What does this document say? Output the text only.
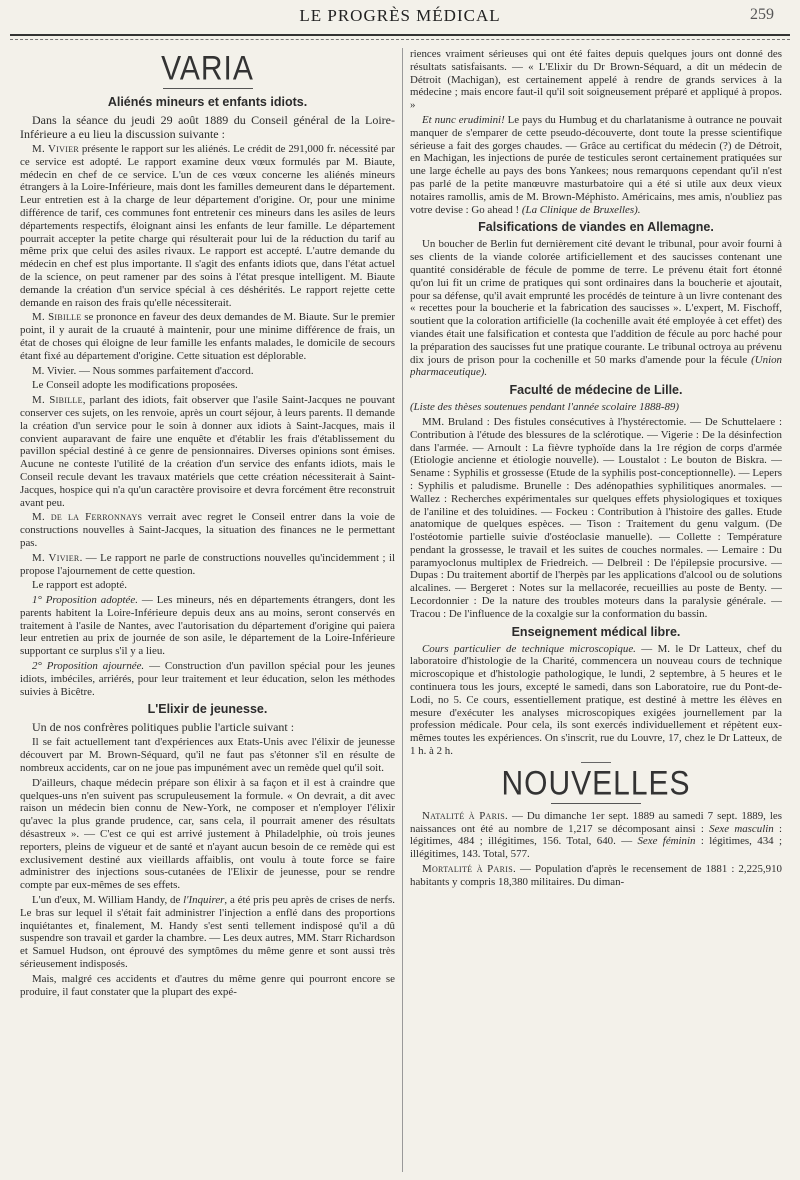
LE PROGRÈS MÉDICAL	259
VARIA
Aliénés mineurs et enfants idiots.

Dans la séance du jeudi 29 août 1889 du Conseil général de la Loire-Inférieure a eu lieu la discussion suivante :

M. Vivier présente le rapport sur les aliénés. Le crédit de 291,000 fr. nécessité par ce service est adopté. Le rapport examine deux vœux formulés par M. Biaute, médecin en chef de ce service. L'un de ces vœux concerne les aliénés mineurs étrangers à la Loire-Inférieure, mais dont les familles demeurent dans le département. Leur entretien est à la charge de leur département d'origine. Or, pour une minime différence de tarif, ces communes font entretenir ces mineurs dans les asiles de leurs départements respectifs, éloignant ainsi les enfants de leur famille. Le département pourrait accepter la petite charge qui résulterait pour lui de la réduction du tarif au même prix que celui des asiles rivaux. Le rapport est accepté. L'autre demande du médecin en chef est plus importante. Il s'agit des enfants idiots que, dans l'état actuel de la science, on peut ramener par des soins à l'état presque intelligent. M. Biaute demande la création d'un service spécial à ces déshérités. Le rapport rejette cette demande en raison des frais qu'elle nécessiterait.

M. Sibille se prononce en faveur des deux demandes de M. Biaute. Sur le premier point, il y aurait de la cruauté à maintenir, pour une minime différence de frais, un état de choses qui éloigne de leur famille les enfants malades, le domicile de secours étant fixé au département d'origine. Cette situation est déplorable.

M. Vivier. — Nous sommes parfaitement d'accord.

Le Conseil adopte les modifications proposées.

M. Sibille, parlant des idiots, fait observer que l'asile Saint-Jacques ne pouvant conserver ces sujets, on les renvoie, après un court séjour, à leurs parents. Il demande la création d'un service pour le soin à donner aux idiots à Saint-Jacques, mais il convient auparavant de faire une enquête et d'établir les frais d'établissement du pavillon spécial destiné à ce genre de pensionnaires. Diverses opinions sont émises. Aucune ne conteste l'utilité de la création d'un service des enfants idiots, mais le Conseil recule devant les travaux matériels que cette création nécessiterait à Saint-Jacques, hospice qui n'a qu'un caractère provisoire et devra forcément être reconstruit avant peu.

M. de la Ferronnays verrait avec regret le Conseil entrer dans la voie de constructions nouvelles à Saint-Jacques, la situation des finances ne le permettant pas.

M. Vivier. — Le rapport ne parle de constructions nouvelles qu'incidemment ; il propose l'ajournement de cette question.

Le rapport est adopté.

1° Proposition adoptée. — Les mineurs, nés en départements étrangers, dont les parents habitent la Loire-Inférieure depuis deux ans au moins, seront conservés en traitement à l'asile de Nantes, avec l'autorisation du département d'origine qui paiera leur entretien au prix de journée de son asile, le département de la Loire-Inférieure supportant ce surplus s'il y a lieu.

2° Proposition ajournée. — Construction d'un pavillon spécial pour les jeunes idiots, imbéciles, arriérés, pour leur traitement et leur éducation, selon les méthodes suivies à Bicêtre.

L'Elixir de jeunesse.

Un de nos confrères politiques publie l'article suivant :

Il se fait actuellement tant d'expériences aux Etats-Unis avec l'élixir de jeunesse découvert par M. Brown-Séquard, qu'il ne faut pas s'étonner s'il en résulte de nombreux accidents, car on ne joue pas impunément avec un remède quel qu'il soit.

D'ailleurs, chaque médecin prépare son élixir à sa façon et il est à craindre que quelques-uns n'en suivent pas scrupuleusement la formule. « On devrait, a dit avec raison un médecin bien connu de New-York, ne composer et n'employer l'élixir qu'avec la plus grande prudence, car, sans cela, il pourrait amener des résultats désastreux ». — C'est ce qui est arrivé justement à Philadelphie, où trois jeunes reporters, pleins de vigueur et de santé et n'ayant aucun besoin de ce remède qui est exclusivement destiné aux vieillards affaiblis, ont voulu à toute force se faire administrer des injections sous-cutanées de l'Elixir de jeunesse, pour se rendre compte par eux-mêmes de ses effets.

L'un d'eux, M. William Handy, de l'Inquirer, a été pris peu après de crises de nerfs. Le bras sur lequel il s'était fait administrer l'injection a enflé dans des proportions inquiétantes et, finalement, M. Handy s'est senti tellement indisposé qu'il a dû suspendre son travail et garder la chambre. — Les deux autres, MM. Starr Richardson et Samuel Hudson, ont éprouvé des symptômes du même genre et sont aussi très sérieusement indisposés.

Mais, malgré ces accidents et d'autres du même genre qui pourront encore se produire, il faut constater que la plupart des expé-

riences vraiment sérieuses qui ont été faites depuis quelques jours ont donné des résultats satisfaisants. — « L'Elixir du Dr Brown-Séquard, a dit un médecin de Détroit (Machigan), est certainement appelé à rendre de grands services à la médecine ; mais encore faut-il qu'il soit soigneusement préparé et appliqué à propos. »

Et nunc erudimini! Le pays du Humbug et du charlatanisme à outrance ne pouvait manquer de s'emparer de cette pseudo-découverte, dont toute la presse scientifique sérieuse a fait des gorges chaudes. — Grâce au certificat du médecin (?) de Détroit, en Machigan, les injections de purée de testicules seront certainement pratiquées sur une large échelle au pays des bons Yankees; nous remarquons cependant qu'il n'est pas parlé de la petite manœuvre masturbatoire qui a été si utile aux deux vieux notaires ramollis, amis de M. Brown-Méphisto. Américains, mes amis, n'oubliez pas votre devise : Go ahead ! (La Clinique de Bruxelles).

Falsifications de viandes en Allemagne.

Un boucher de Berlin fut dernièrement cité devant le tribunal, pour avoir fourni à ses clients de la viande colorée artificiellement et des saucisses contenant une quantité considérable de fécule de pomme de terre. Le prévenu était fort étonné qu'on lui fit un crime de pratiques qui sont ordinaires dans la boucherie et ajoutait, pour sa défense, qu'il avait emprunté les procédés de teinture à un livre contenant des « recettes pour la boucherie et la fabrication des saucisses ». L'expert, M. Fischoff, soutient que la coloration artificielle (la cochenille avait été employée à cet effet) des viandes était une falsification et contesta que l'addition de fécule au porc haché pour la préparation des saucisses fut une pratique courante. Le tribunal octroya au prévenu dix jours de prison pour la cochenille et 50 marks d'amende pour la fécule (Union pharmaceutique).

Faculté de médecine de Lille.

(Liste des thèses soutenues pendant l'année scolaire 1888-89)

MM. Bruland : Des fistules consécutives à l'hystérectomie. — De Schuttelaere : Contribution à l'étude des blessures de la sclérotique. — Vigerie : De la désinfection dans l'armée. — Arnoult : La fièvre typhoïde dans la 1re région de corps d'armée (Etiologie ancienne et étiologie nouvelle). — Loustalot : Le bouton de Biskra. — Sename : Syphilis et grossesse (Etude de la syphilis post-conceptionnelle). — Lepers : Syphilis et paludisme. Brunelle : Des adénopathies syphilitiques anormales. — Wallez : Recherches expérimentales sur quelques effets physiologiques et toxiques de l'aniline et des toluidines. — Fockeu : Contribution à l'histoire des galles. Etude anatomique de quelques espèces. — Tison : Traitement du genu valgum. (De l'ostéotomie partielle suivie d'ostéoclasie manuelle). — Collette : Température pendant la grossesse, le travail et les suites de couches normales. — Lemaire : Du paramyoclonus multiplex de Friedreich. — Delbreil : De l'épilepsie procursive. — Dupas : Du traitement abortif de l'herpès par les applications d'alcool ou de solutions alcalines. — Bergeret : Notes sur la mellacorée, recueillies au poste de Benty. — Lecordonnier : De la nature des troubles moteurs dans la paralysie générale. — Tracou : De l'influence de la coxalgie sur la conformation du bassin.

Enseignement médical libre.

Cours particulier de technique microscopique. — M. le Dr Latteux, chef du laboratoire d'histologie de la Charité, commencera un nouveau cours de technique microscopique et d'histologie pathologique, le lundi, 2 septembre, à 5 heures et le continuera tous les jours, excepté le samedi, dans son Laboratoire, rue du Pont-de-Lodi, no 5. Ce cours, essentiellement pratique, est destiné à mettre les élèves en mesure d'exécuter les analyses microscopiques exigées journellement par la profession médicale. Pour cela, ils sont exercés individuellement et répètent eux-mêmes toutes les expériences. On s'inscrit, rue du Louvre, 17, chez le Dr Latteux, de 1 h. à 2 h.

NOUVELLES

Natalité à Paris. — Du dimanche 1er sept. 1889 au samedi 7 sept. 1889, les naissances ont été au nombre de 1,217 se décomposant ainsi : Sexe masculin : légitimes, 484 ; illégitimes, 156. Total, 640. — Sexe féminin : légitimes, 434 ; illégitimes, 143. Total, 577.

Mortalité à Paris. — Population d'après le recensement de 1881 : 2,225,910 habitants y compris 18,380 militaires. Du diman-
